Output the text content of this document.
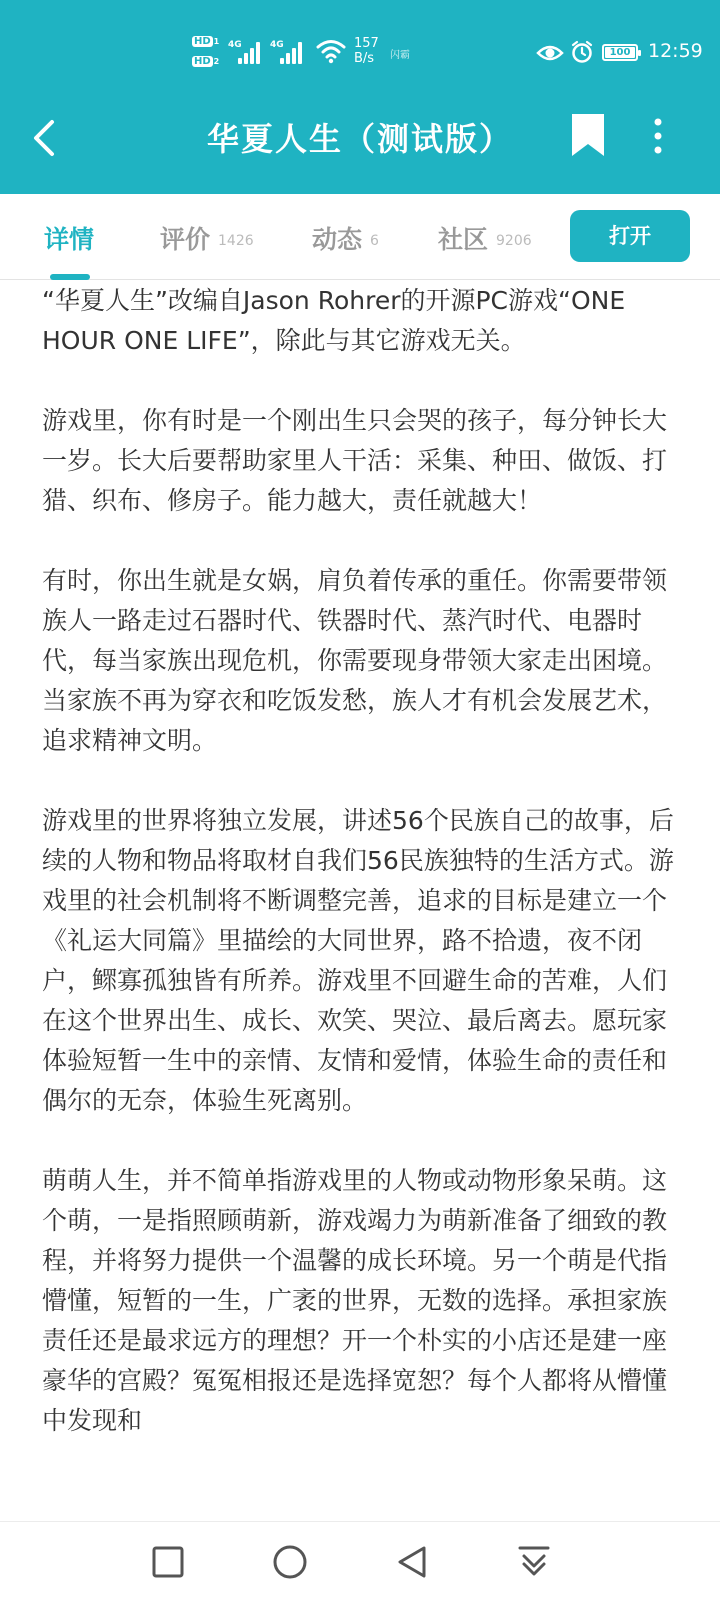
HD 1
HD 2
4G	4G	157
B/s	闪霸	100 12:59
华夏人生（测试版）
详情	评价 1426 动态 6 社区 9206	打开

“华夏人生”改编自Jason Rohrer的开源PC游戏“ONE HOUR ONE LIFE”，除此与其它游戏无关。

游戏里，你有时是一个刚出生只会哭的孩子，每分钟长大一岁。长大后要帮助家里人干活：采集、种田、做饭、打猎、织布、修房子。能力越大，责任就越大！

有时，你出生就是女娲，肩负着传承的重任。你需要带领族人一路走过石器时代、铁器时代、蒸汽时代、电器时代，每当家族出现危机，你需要现身带领大家走出困境。当家族不再为穿衣和吃饭发愁，族人才有机会发展艺术，追求精神文明。

游戏里的世界将独立发展，讲述56个民族自己的故事，后续的人物和物品将取材自我们56民族独特的生活方式。游戏里的社会机制将不断调整完善，追求的目标是建立一个《礼运大同篇》里描绘的大同世界，路不拾遗，夜不闭户，鳏寡孤独皆有所养。游戏里不回避生命的苦难，人们在这个世界出生、成长、欢笑、哭泣、最后离去。愿玩家体验短暂一生中的亲情、友情和爱情，体验生命的责任和偶尔的无奈，体验生死离别。

萌萌人生，并不简单指游戏里的人物或动物形象呆萌。这个萌，一是指照顾萌新，游戏竭力为萌新准备了细致的教程，并将努力提供一个温馨的成长环境。另一个萌是代指懵懂，短暂的一生，广袤的世界，无数的选择。承担家族责任还是最求远方的理想？开一个朴实的小店还是建一座豪华的宫殿？冤冤相报还是选择宽恕？每个人都将从懵懂中发现和
